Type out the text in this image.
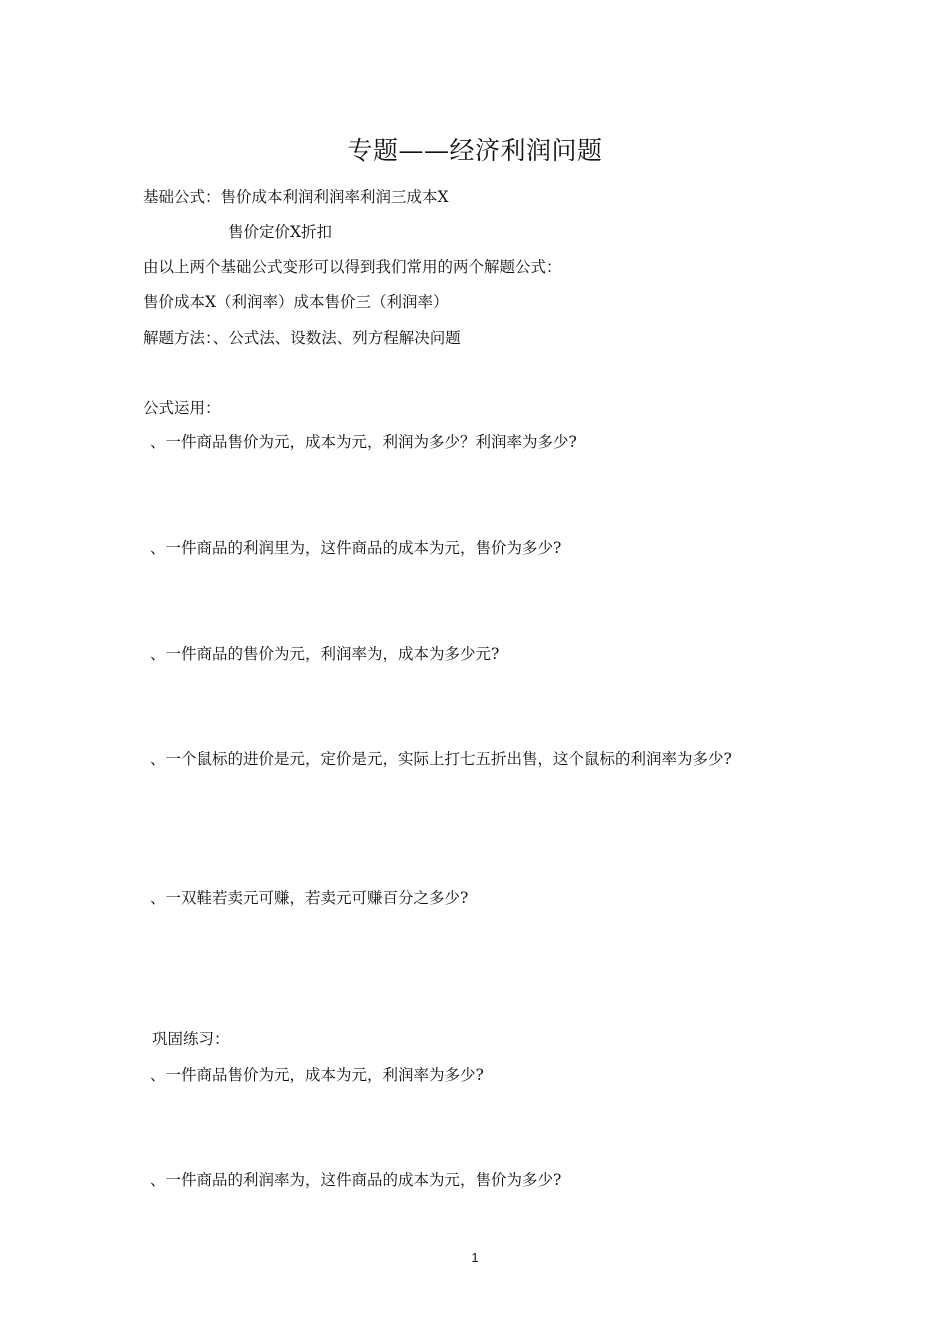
专题——经济利润问题
基础公式：售价成本利润利润率利润三成本X
售价定价X折扣
由以上两个基础公式变形可以得到我们常用的两个解题公式：
售价成本X（利润率）成本售价三（利润率）
解题方法：、公式法、设数法、列方程解决问题
公式运用：
、一件商品售价为元，成本为元，利润为多少？利润率为多少?
、一件商品的利润里为，这件商品的成本为元，售价为多少?
、一件商品的售价为元，利润率为，成本为多少元?
、一个鼠标的进价是元，定价是元，实际上打七五折出售，这个鼠标的利润率为多少?
、一双鞋若卖元可赚，若卖元可赚百分之多少?
巩固练习：
、一件商品售价为元，成本为元，利润率为多少?
、一件商品的利润率为，这件商品的成本为元，售价为多少?
1
